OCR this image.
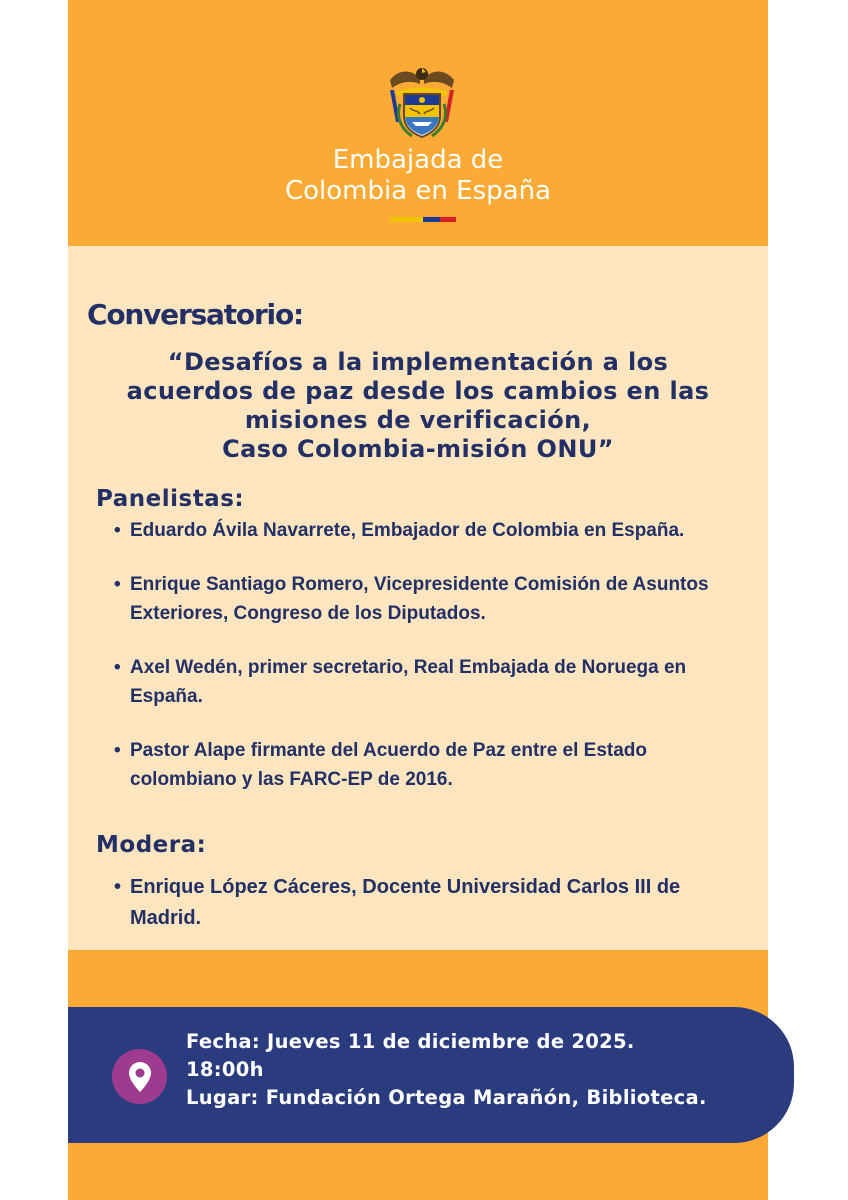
Embajada de
Colombia en España
Conversatorio:
“Desafíos a la implementación a los
acuerdos de paz desde los cambios en las
misiones de verificación,
Caso Colombia-misión ONU”
Panelistas:
• Eduardo Ávila Navarrete, Embajador de Colombia en España.
• Enrique Santiago Romero, Vicepresidente Comisión de Asuntos Exteriores, Congreso de los Diputados.
• Axel Wedén, primer secretario, Real Embajada de Noruega en España.
• Pastor Alape firmante del Acuerdo de Paz entre el Estado colombiano y las FARC-EP de 2016.
Modera:
• Enrique López Cáceres, Docente Universidad Carlos III de Madrid.
Fecha: Jueves 11 de diciembre de 2025.
18:00h
Lugar: Fundación Ortega Marañón, Biblioteca.
